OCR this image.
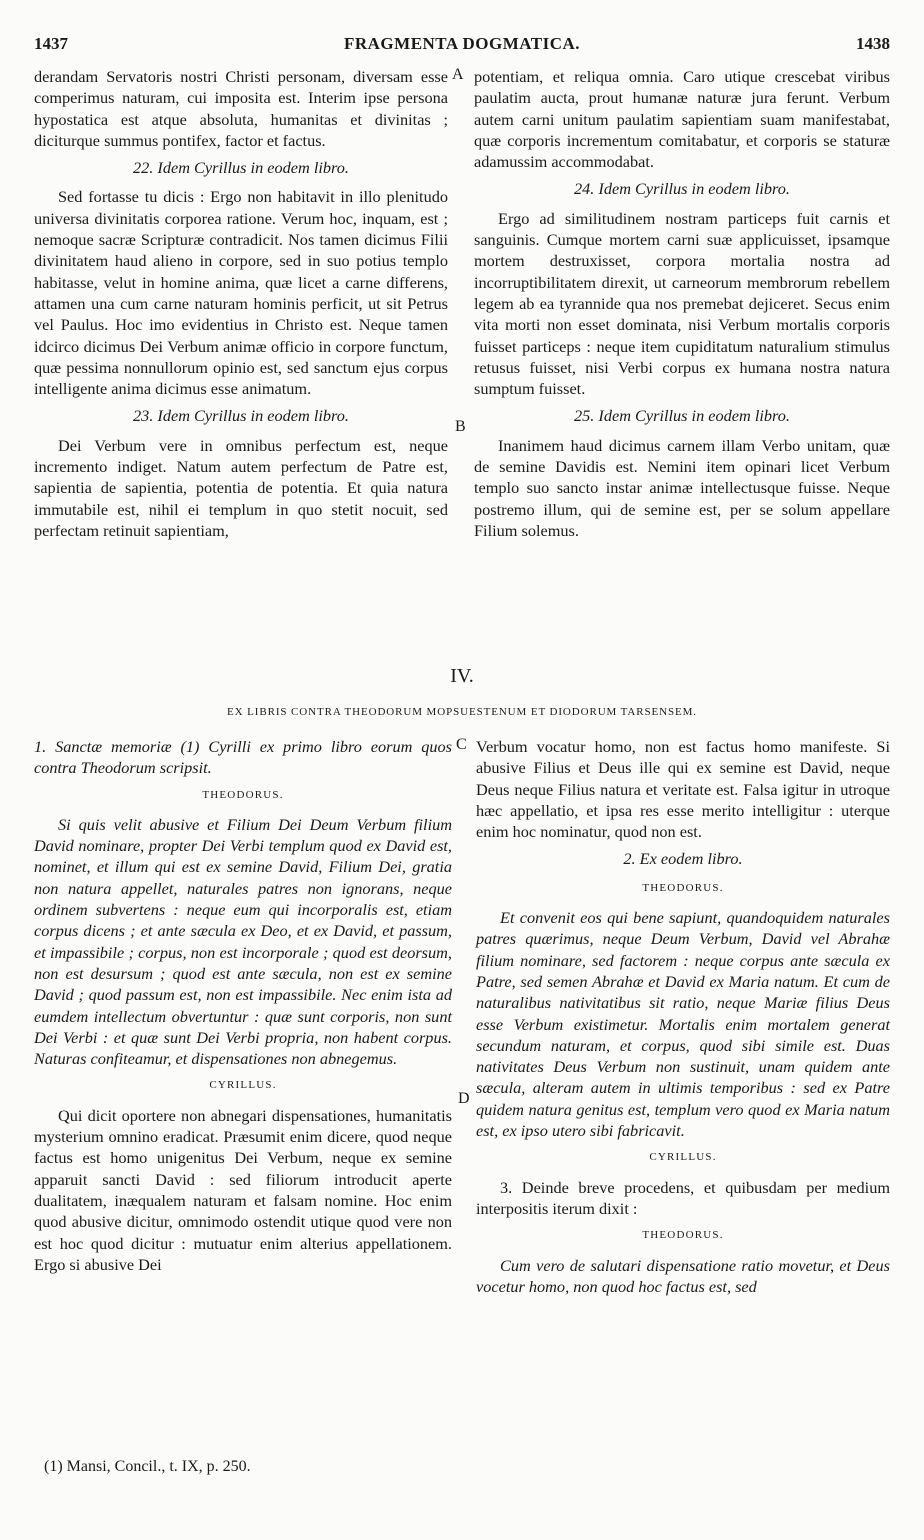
1437	FRAGMENTA DOGMATICA.	1438
A
B
C
D

derandam Servatoris nostri Christi personam, diversam esse comperimus naturam, cui imposita est. Interim ipse persona hypostatica est atque absoluta, humanitas et divinitas ; diciturque summus pontifex, factor et factus.

22. Idem Cyrillus in eodem libro.

Sed fortasse tu dicis : Ergo non habitavit in illo plenitudo universa divinitatis corporea ratione. Verum hoc, inquam, est ; nemoque sacræ Scripturæ contradicit. Nos tamen dicimus Filii divinitatem haud alieno in corpore, sed in suo potius templo habitasse, velut in homine anima, quæ licet a carne differens, attamen una cum carne naturam hominis perficit, ut sit Petrus vel Paulus. Hoc imo evidentius in Christo est. Neque tamen idcirco dicimus Dei Verbum animæ officio in corpore functum, quæ pessima nonnullorum opinio est, sed sanctum ejus corpus intelligente anima dicimus esse animatum.

23. Idem Cyrillus in eodem libro.

Dei Verbum vere in omnibus perfectum est, neque incremento indiget. Natum autem perfectum de Patre est, sapientia de sapientia, potentia de potentia. Et quia natura immutabile est, nihil ei templum in quo stetit nocuit, sed perfectam retinuit sapientiam,

potentiam, et reliqua omnia. Caro utique crescebat viribus paulatim aucta, prout humanæ naturæ jura ferunt. Verbum autem carni unitum paulatim sapientiam suam manifestabat, quæ corporis incrementum comitabatur, et corporis se staturæ adamussim accommodabat.

24. Idem Cyrillus in eodem libro.

Ergo ad similitudinem nostram particeps fuit carnis et sanguinis. Cumque mortem carni suæ applicuisset, ipsamque mortem destruxisset, corpora mortalia nostra ad incorruptibilitatem direxit, ut carneorum membrorum rebellem legem ab ea tyrannide qua nos premebat dejiceret. Secus enim vita morti non esset dominata, nisi Verbum mortalis corporis fuisset particeps : neque item cupiditatum naturalium stimulus retusus fuisset, nisi Verbi corpus ex humana nostra natura sumptum fuisset.

25. Idem Cyrillus in eodem libro.

Inanimem haud dicimus carnem illam Verbo unitam, quæ de semine Davidis est. Nemini item opinari licet Verbum templo suo sancto instar animæ intellectusque fuisse. Neque postremo illum, qui de semine est, per se solum appellare Filium solemus.

IV.
EX LIBRIS CONTRA THEODORUM MOPSUESTENUM ET DIODORUM TARSENSEM.

1. Sanctæ memoriæ (1) Cyrilli ex primo libro eorum quos contra Theodorum scripsit.

THEODORUS.

Si quis velit abusive et Filium Dei Deum Verbum filium David nominare, propter Dei Verbi templum quod ex David est, nominet, et illum qui est ex semine David, Filium Dei, gratia non natura appellet, naturales patres non ignorans, neque ordinem subvertens : neque eum qui incorporalis est, etiam corpus dicens ; et ante sæcula ex Deo, et ex David, et passum, et impassibile ; corpus, non est incorporale ; quod est deorsum, non est desursum ; quod est ante sæcula, non est ex semine David ; quod passum est, non est impassibile. Nec enim ista ad eumdem intellectum obvertuntur : quæ sunt corporis, non sunt Dei Verbi : et quæ sunt Dei Verbi propria, non habent corpus. Naturas confiteamur, et dispensationes non abnegemus.

CYRILLUS.

Qui dicit oportere non abnegari dispensationes, humanitatis mysterium omnino eradicat. Præsumit enim dicere, quod neque factus est homo unigenitus Dei Verbum, neque ex semine apparuit sancti David : sed filiorum introducit aperte dualitatem, inæqualem naturam et falsam nomine. Hoc enim quod abusive dicitur, omnimodo ostendit utique quod vere non est hoc quod dicitur : mutuatur enim alterius appellationem. Ergo si abusive Dei

Verbum vocatur homo, non est factus homo manifeste. Si abusive Filius et Deus ille qui ex semine est David, neque Deus neque Filius natura et veritate est. Falsa igitur in utroque hæc appellatio, et ipsa res esse merito intelligitur : uterque enim hoc nominatur, quod non est.

2. Ex eodem libro.
THEODORUS.

Et convenit eos qui bene sapiunt, quandoquidem naturales patres quærimus, neque Deum Verbum, David vel Abrahæ filium nominare, sed factorem : neque corpus ante sæcula ex Patre, sed semen Abrahæ et David ex Maria natum. Et cum de naturalibus nativitatibus sit ratio, neque Mariæ filius Deus esse Verbum existimetur. Mortalis enim mortalem generat secundum naturam, et corpus, quod sibi simile est. Duas nativitates Deus Verbum non sustinuit, unam quidem ante sæcula, alteram autem in ultimis temporibus : sed ex Patre quidem natura genitus est, templum vero quod ex Maria natum est, ex ipso utero sibi fabricavit.

CYRILLUS.

3. Deinde breve procedens, et quibusdam per medium interpositis iterum dixit :

THEODORUS.

Cum vero de salutari dispensatione ratio movetur, et Deus vocetur homo, non quod hoc factus est, sed

(1) Mansi, Concil., t. IX, p. 250.
